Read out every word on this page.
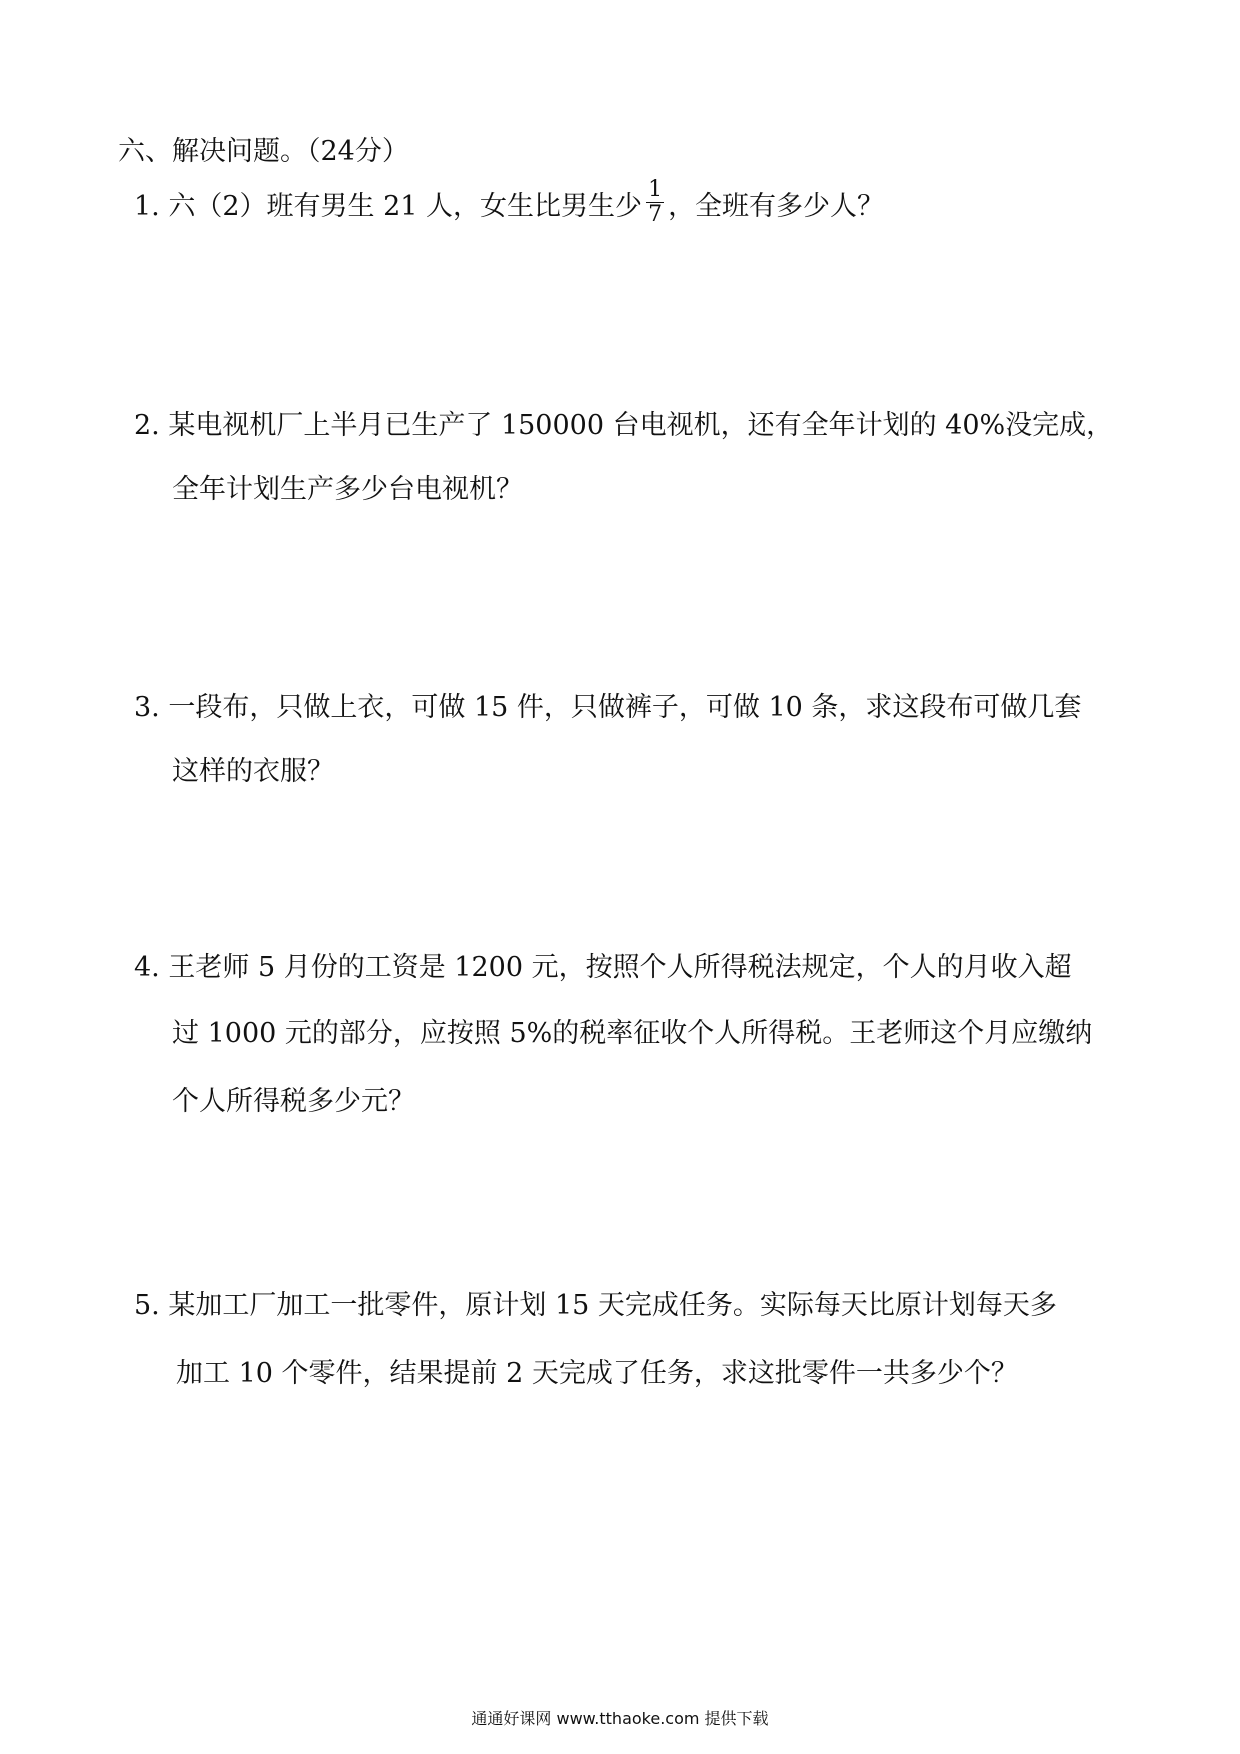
六、解决问题。（24分）
1. 六（2）班有男生 21 人，女生比男生少 $\frac{1}{7}$ ，全班有多少人？
2. 某电视机厂上半月已生产了 150000 台电视机，还有全年计划的 40%没完成，
全年计划生产多少台电视机？
3. 一段布，只做上衣，可做 15 件，只做裤子，可做 10 条，求这段布可做几套
这样的衣服？
4. 王老师 5 月份的工资是 1200 元，按照个人所得税法规定，个人的月收入超
过 1000 元的部分，应按照 5%的税率征收个人所得税。王老师这个月应缴纳
个人所得税多少元？
5. 某加工厂加工一批零件，原计划 15 天完成任务。实际每天比原计划每天多
加工 10 个零件，结果提前 2 天完成了任务，求这批零件一共多少个？
通通好课网 www.tthaoke.com 提供下载
